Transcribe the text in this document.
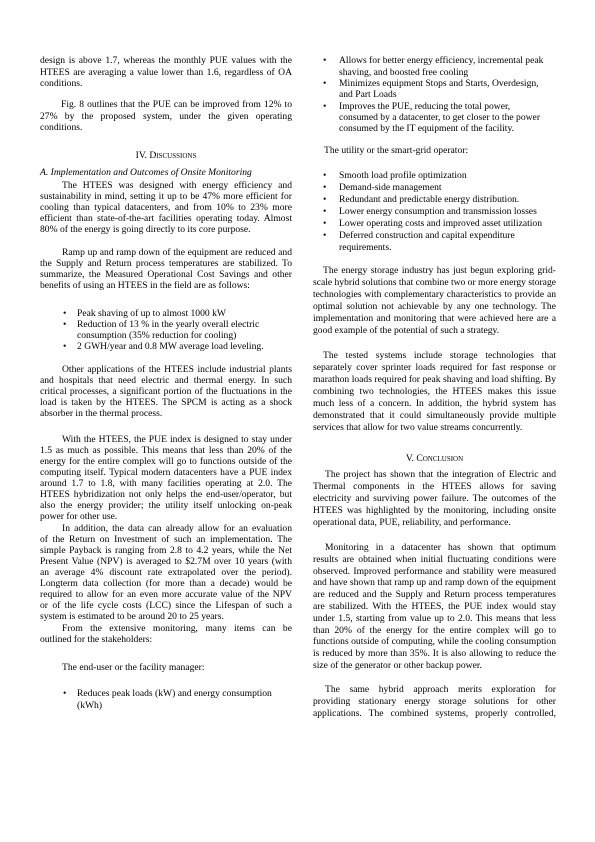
design is above 1.7, whereas the monthly PUE values with the
HTEES are averaging a value lower than 1.6, regardless of OA
conditions.
Fig. 8 outlines that the PUE can be improved from 12% to
27% by the proposed system, under the given operating
conditions.
IV. Discussions
A. Implementation and Outcomes of Onsite Monitoring
The HTEES was designed with energy efficiency and
sustainability in mind, setting it up to be 47% more efficient for
cooling than typical datacenters, and from 10% to 23% more
efficient than state-of-the-art facilities operating today. Almost
80% of the energy is going directly to its core purpose.
Ramp up and ramp down of the equipment are reduced and
the Supply and Return process temperatures are stabilized. To
summarize, the Measured Operational Cost Savings and other
benefits of using an HTEES in the field are as follows:
• Peak shaving of up to almost 1000 kW
• Reduction of 13 % in the yearly overall electric
consumption (35% reduction for cooling)
• 2 GWH/year and 0.8 MW average load leveling.
Other applications of the HTEES include industrial plants
and hospitals that need electric and thermal energy. In such
critical processes, a significant portion of the fluctuations in the
load is taken by the HTEES. The SPCM is acting as a shock
absorber in the thermal process.
With the HTEES, the PUE index is designed to stay under
1.5 as much as possible. This means that less than 20% of the
energy for the entire complex will go to functions outside of the
computing itself. Typical modern datacenters have a PUE index
around 1.7 to 1.8, with many facilities operating at 2.0. The
HTEES hybridization not only helps the end-user/operator, but
also the energy provider; the utility itself unlocking on-peak
power for other use.
In addition, the data can already allow for an evaluation
of the Return on Investment of such an implementation. The
simple Payback is ranging from 2.8 to 4.2 years, while the Net
Present Value (NPV) is averaged to $2.7M over 10 years (with
an average 4% discount rate extrapolated over the period).
Longterm data collection (for more than a decade) would be
required to allow for an even more accurate value of the NPV
or of the life cycle costs (LCC) since the Lifespan of such a
system is estimated to be around 20 to 25 years.
From the extensive monitoring, many items can be
outlined for the stakeholders:
The end-user or the facility manager:
• Reduces peak loads (kW) and energy consumption
(kWh)
• Allows for better energy efficiency, incremental peak
shaving, and boosted free cooling
• Minimizes equipment Stops and Starts, Overdesign,
and Part Loads
• Improves the PUE, reducing the total power,
consumed by a datacenter, to get closer to the power
consumed by the IT equipment of the facility.
The utility or the smart-grid operator:
• Smooth load profile optimization
• Demand-side management
• Redundant and predictable energy distribution.
• Lower energy consumption and transmission losses
• Lower operating costs and improved asset utilization
• Deferred construction and capital expenditure
requirements.
The energy storage industry has just begun exploring grid-
scale hybrid solutions that combine two or more energy storage
technologies with complementary characteristics to provide an
optimal solution not achievable by any one technology. The
implementation and monitoring that were achieved here are a
good example of the potential of such a strategy.
The tested systems include storage technologies that
separately cover sprinter loads required for fast response or
marathon loads required for peak shaving and load shifting. By
combining two technologies, the HTEES makes this issue
much less of a concern. In addition, the hybrid system has
demonstrated that it could simultaneously provide multiple
services that allow for two value streams concurrently.
V. Conclusion
The project has shown that the integration of Electric and
Thermal components in the HTEES allows for saving
electricity and surviving power failure. The outcomes of the
HTEES was highlighted by the monitoring, including onsite
operational data, PUE, reliability, and performance.
Monitoring in a datacenter has shown that optimum
results are obtained when initial fluctuating conditions were
observed. Improved performance and stability were measured
and have shown that ramp up and ramp down of the equipment
are reduced and the Supply and Return process temperatures
are stabilized. With the HTEES, the PUE index would stay
under 1.5, starting from value up to 2.0. This means that less
than 20% of the energy for the entire complex will go to
functions outside of computing, while the cooling consumption
is reduced by more than 35%. It is also allowing to reduce the
size of the generator or other backup power.
The same hybrid approach merits exploration for
providing stationary energy storage solutions for other
applications. The combined systems, properly controlled,
